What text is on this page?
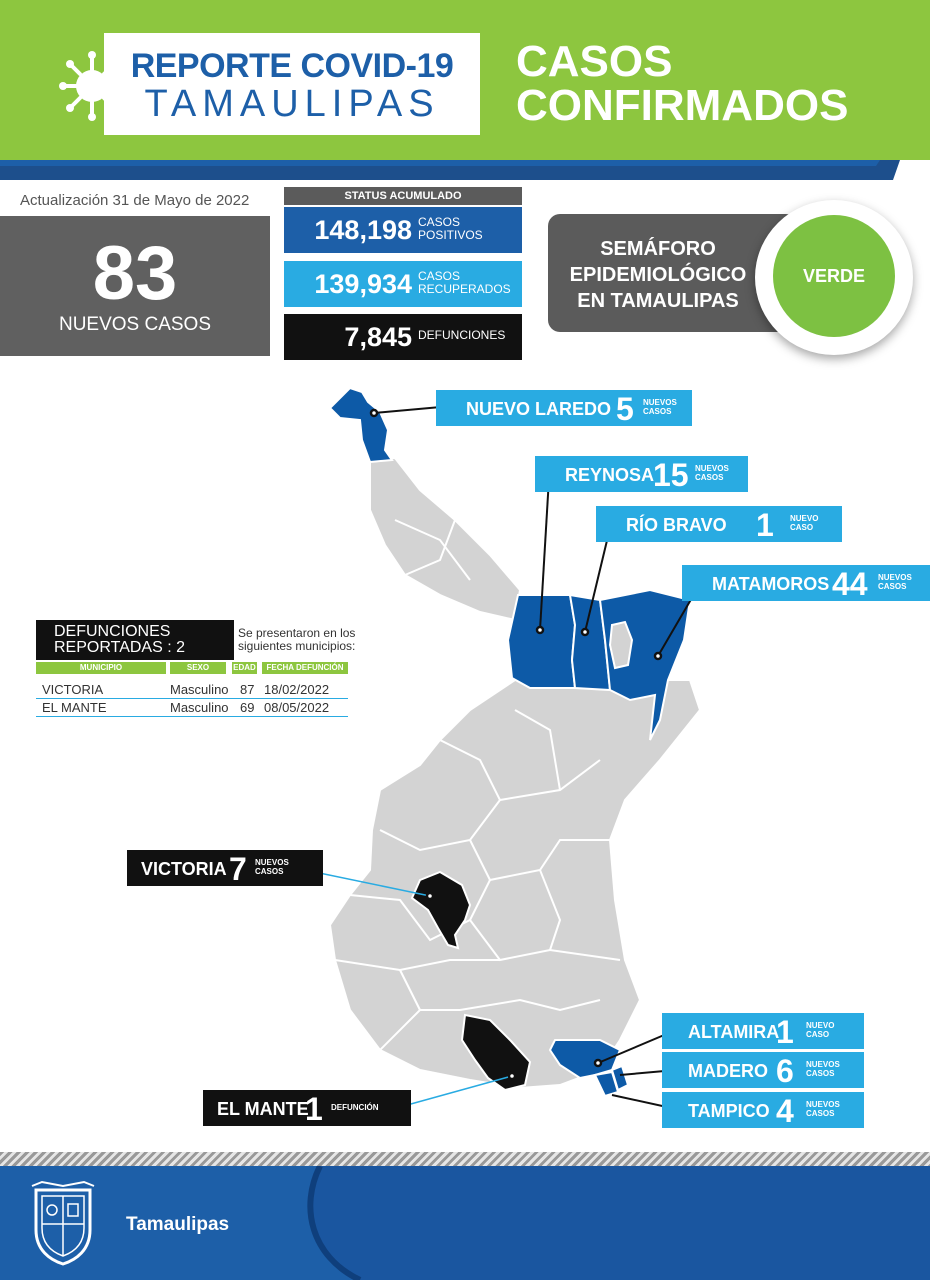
REPORTE COVID-19
TAMAULIPAS
CASOS
CONFIRMADOS
Actualización 31 de Mayo de 2022
83
NUEVOS CASOS
STATUS ACUMULADO
148,198 CASOS
POSITIVOS
139,934 CASOS
RECUPERADOS
7,845 DEFUNCIONES
SEMÁFORO
EPIDEMIOLÓGICO
EN TAMAULIPAS
VERDE
NUEVO LAREDO 5 NUEVOS
CASOS
REYNOSA
15 NUEVOS
CASOS
RÍO BRAVO 1 NUEVO
CASO
MATAMOROS 44 NUEVOS
CASOS
VICTORIA 7 NUEVOS
CASOS
ALTAMIRA
1 NUEVO
CASO
MADERO 6 NUEVOS
CASOS
TAMPICO 4 NUEVOS
CASOS
EL MANTE
1 DEFUNCIÓN
DEFUNCIONES
REPORTADAS : 2
Se presentaron en los siguientes municipios:
MUNICIPIO	SEXO	EDAD	FECHA DEFUNCIÓN
VICTORIA	Masculino 87 18/02/2022
EL MANTE	Masculino 69 08/05/2022
Tamaulipas
